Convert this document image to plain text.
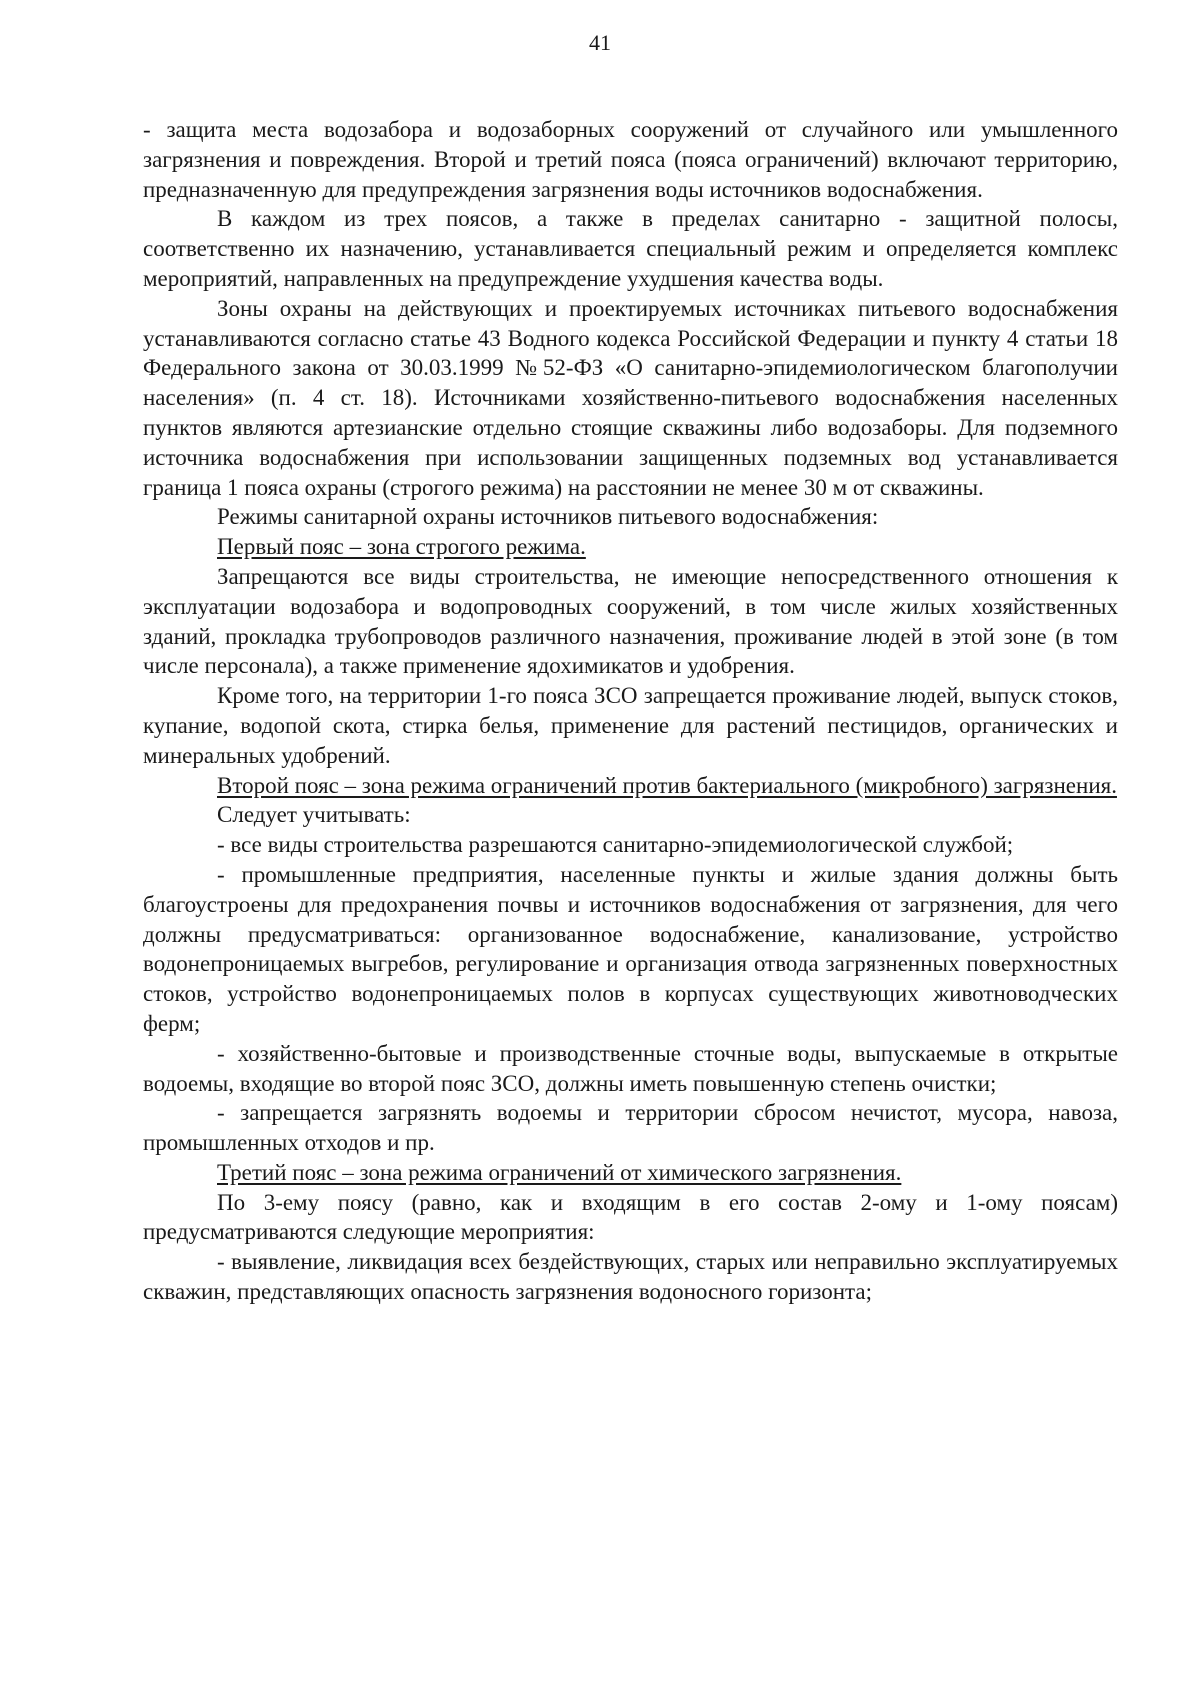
41

- защита места водозабора и водозаборных сооружений от случайного или умышленного загрязнения и повреждения. Второй и третий пояса (пояса ограничений) включают территорию, предназначенную для предупреждения загрязнения воды источников водоснабжения.

В каждом из трех поясов, а также в пределах санитарно - защитной полосы, соответственно их назначению, устанавливается специальный режим и определяется комплекс мероприятий, направленных на предупреждение ухудшения качества воды.

Зоны охраны на действующих и проектируемых источниках питьевого водоснабжения устанавливаются согласно статье 43 Водного кодекса Российской Федерации и пункту 4 статьи 18 Федерального закона от 30.03.1999 №52-ФЗ «О санитарно-эпидемиологическом благополучии населения» (п. 4 ст. 18). Источниками хозяйственно-питьевого водоснабжения населенных пунктов являются артезианские отдельно стоящие скважины либо водозаборы. Для подземного источника водоснабжения при использовании защищенных подземных вод устанавливается граница 1 пояса охраны (строгого режима) на расстоянии не менее 30 м от скважины.

Режимы санитарной охраны источников питьевого водоснабжения:

Первый пояс – зона строгого режима.

Запрещаются все виды строительства, не имеющие непосредственного отношения к эксплуатации водозабора и водопроводных сооружений, в том числе жилых хозяйственных зданий, прокладка трубопроводов различного назначения, проживание людей в этой зоне (в том числе персонала), а также применение ядохимикатов и удобрения.

Кроме того, на территории 1-го пояса ЗСО запрещается проживание людей, выпуск стоков, купание, водопой скота, стирка белья, применение для растений пестицидов, органических и минеральных удобрений.

Второй пояс – зона режима ограничений против бактериального (микробного) загрязнения.

Следует учитывать:

- все виды строительства разрешаются санитарно-эпидемиологической службой;

- промышленные предприятия, населенные пункты и жилые здания должны быть благоустроены для предохранения почвы и источников водоснабжения от загрязнения, для чего должны предусматриваться: организованное водоснабжение, канализование, устройство водонепроницаемых выгребов, регулирование и организация отвода загрязненных поверхностных стоков, устройство водонепроницаемых полов в корпусах существующих животноводческих ферм;

- хозяйственно-бытовые и производственные сточные воды, выпускаемые в открытые водоемы, входящие во второй пояс ЗСО, должны иметь повышенную степень очистки;

- запрещается загрязнять водоемы и территории сбросом нечистот, мусора, навоза, промышленных отходов и пр.

Третий пояс – зона режима ограничений от химического загрязнения.

По 3-ему поясу (равно, как и входящим в его состав 2-ому и 1-ому поясам) предусматриваются следующие мероприятия:

- выявление, ликвидация всех бездействующих, старых или неправильно эксплуатируемых скважин, представляющих опасность загрязнения водоносного горизонта;
